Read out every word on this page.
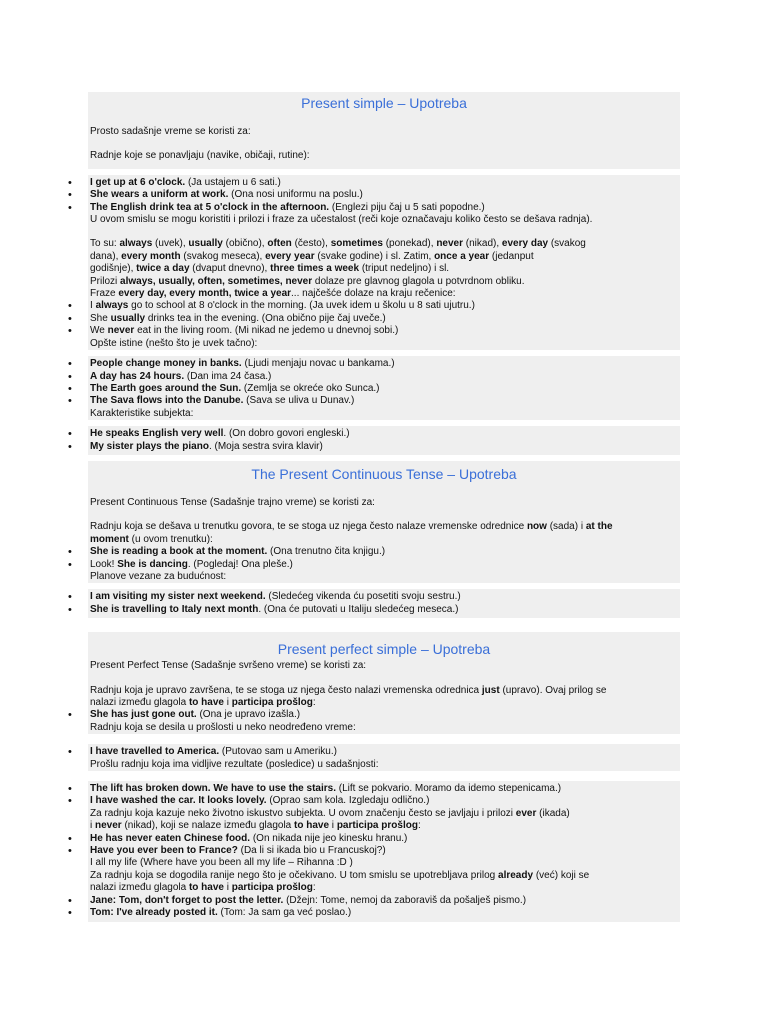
Present simple – Upotreba
Prosto sadašnje vreme se koristi za:
Radnje koje se ponavljaju (navike, običaji, rutine):
• I get up at 6 o'clock. (Ja ustajem u 6 sati.)
• She wears a uniform at work. (Ona nosi uniformu na poslu.)
• The English drink tea at 5 o'clock in the afternoon. (Englezi piju čaj u 5 sati popodne.)
U ovom smislu se mogu koristiti i prilozi i fraze za učestalost (reči koje označavaju koliko često se dešava radnja).
To su: always (uvek), usually (obično), often (često), sometimes (ponekad), never (nikad), every day (svakog
dana), every month (svakog meseca), every year (svake godine) i sl. Zatim, once a year (jedanput
godišnje), twice a day (dvaput dnevno), three times a week (triput nedeljno) i sl.
Prilozi always, usually, often, sometimes, never dolaze pre glavnog glagola u potvrdnom obliku.
Fraze every day, every month, twice a year... najčešće dolaze na kraju rečenice:
• I always go to school at 8 o'clock in the morning. (Ja uvek idem u školu u 8 sati ujutru.)
• She usually drinks tea in the evening. (Ona obično pije čaj uveče.)
• We never eat in the living room. (Mi nikad ne jedemo u dnevnoj sobi.)
Opšte istine (nešto što je uvek tačno):
• People change money in banks. (Ljudi menjaju novac u bankama.)
• A day has 24 hours. (Dan ima 24 časa.)
• The Earth goes around the Sun. (Zemlja se okreće oko Sunca.)
• The Sava flows into the Danube. (Sava se uliva u Dunav.)
Karakteristike subjekta:
• He speaks English very well. (On dobro govori engleski.)
• My sister plays the piano. (Moja sestra svira klavir)
The Present Continuous Tense – Upotreba
Present Continuous Tense (Sadašnje trajno vreme) se koristi za:
Radnju koja se dešava u trenutku govora, te se stoga uz njega često nalaze vremenske odrednice now (sada) i at the
moment (u ovom trenutku):
• She is reading a book at the moment. (Ona trenutno čita knjigu.)
• Look! She is dancing. (Pogledaj! Ona pleše.)
Planove vezane za budućnost:
• I am visiting my sister next weekend. (Sledećeg vikenda ću posetiti svoju sestru.)
• She is travelling to Italy next month. (Ona će putovati u Italiju sledećeg meseca.)
Present perfect simple – Upotreba
Present Perfect Tense (Sadašnje svršeno vreme) se koristi za:
Radnju koja je upravo završena, te se stoga uz njega često nalazi vremenska odrednica just (upravo). Ovaj prilog se
nalazi između glagola to have i participa prošlog:
• She has just gone out. (Ona je upravo izašla.)
Radnju koja se desila u prošlosti u neko neodređeno vreme:
• I have travelled to America. (Putovao sam u Ameriku.)
Prošlu radnju koja ima vidljive rezultate (posledice) u sadašnjosti:
• The lift has broken down. We have to use the stairs. (Lift se pokvario. Moramo da idemo stepenicama.)
• I have washed the car. It looks lovely. (Oprao sam kola. Izgledaju odlično.)
Za radnju koja kazuje neko životno iskustvo subjekta. U ovom značenju često se javljaju i prilozi ever (ikada)
i never (nikad), koji se nalaze između glagola to have i participa prošlog:
• He has never eaten Chinese food. (On nikada nije jeo kinesku hranu.)
• Have you ever been to France? (Da li si ikada bio u Francuskoj?)
I all my life (Where have you been all my life – Rihanna :D )
Za radnju koja se dogodila ranije nego što je očekivano. U tom smislu se upotrebljava prilog already (već) koji se
nalazi između glagola to have i participa prošlog:
• Jane: Tom, don't forget to post the letter. (Džejn: Tome, nemoj da zaboraviš da pošalješ pismo.)
• Tom: I've already posted it. (Tom: Ja sam ga već poslao.)
